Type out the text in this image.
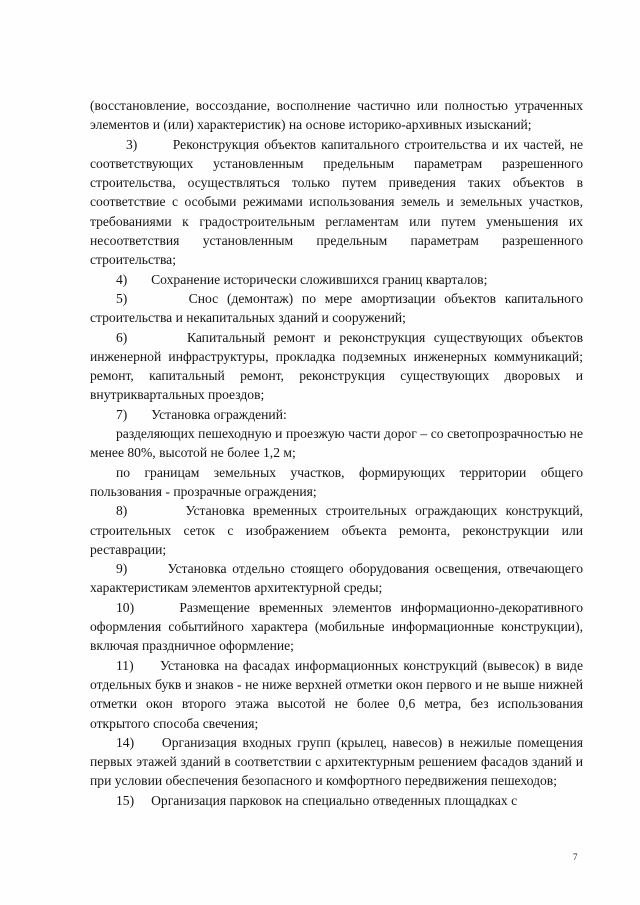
(восстановление, воссоздание, восполнение частично или полностью утраченных элементов и (или) характеристик) на основе историко-архивных изысканий;

3)       Реконструкция объектов капитального строительства и их частей, не соответствующих установленным предельным параметрам разрешенного строительства, осуществляться только путем приведения таких объектов в соответствие с особыми режимами использования земель и земельных участков, требованиями к градостроительным регламентам или путем уменьшения их несоответствия установленным предельным параметрам разрешенного строительства;

4)       Сохранение исторически сложившихся границ кварталов;

5)       Снос (демонтаж) по мере амортизации объектов капитального строительства и некапитальных зданий и сооружений;

6)       Капитальный ремонт и реконструкция существующих объектов инженерной инфраструктуры, прокладка подземных инженерных коммуникаций; ремонт, капитальный ремонт, реконструкция существующих дворовых и внутриквартальных проездов;

7)       Установка ограждений:

разделяющих пешеходную и проезжую части дорог – со светопрозрачностью не менее 80%, высотой не более 1,2 м;

по границам земельных участков, формирующих территории общего пользования - прозрачные ограждения;

8)       Установка временных строительных ограждающих конструкций, строительных сеток с изображением объекта ремонта, реконструкции или реставрации;

9)       Установка отдельно стоящего оборудования освещения, отвечающего характеристикам элементов архитектурной среды;

10)     Размещение временных элементов информационно-декоративного оформления событийного характера (мобильные информационные конструкции), включая праздничное оформление;

11)     Установка на фасадах информационных конструкций (вывесок) в виде отдельных букв и знаков - не ниже верхней отметки окон первого и не выше нижней отметки окон второго этажа высотой не более 0,6 метра, без использования открытого способа свечения;

14)     Организация входных групп (крылец, навесов) в нежилые помещения первых этажей зданий в соответствии с архитектурным решением фасадов зданий и при условии обеспечения безопасного и комфортного передвижения пешеходов;

15)     Организация парковок на специально отведенных площадках с

7
